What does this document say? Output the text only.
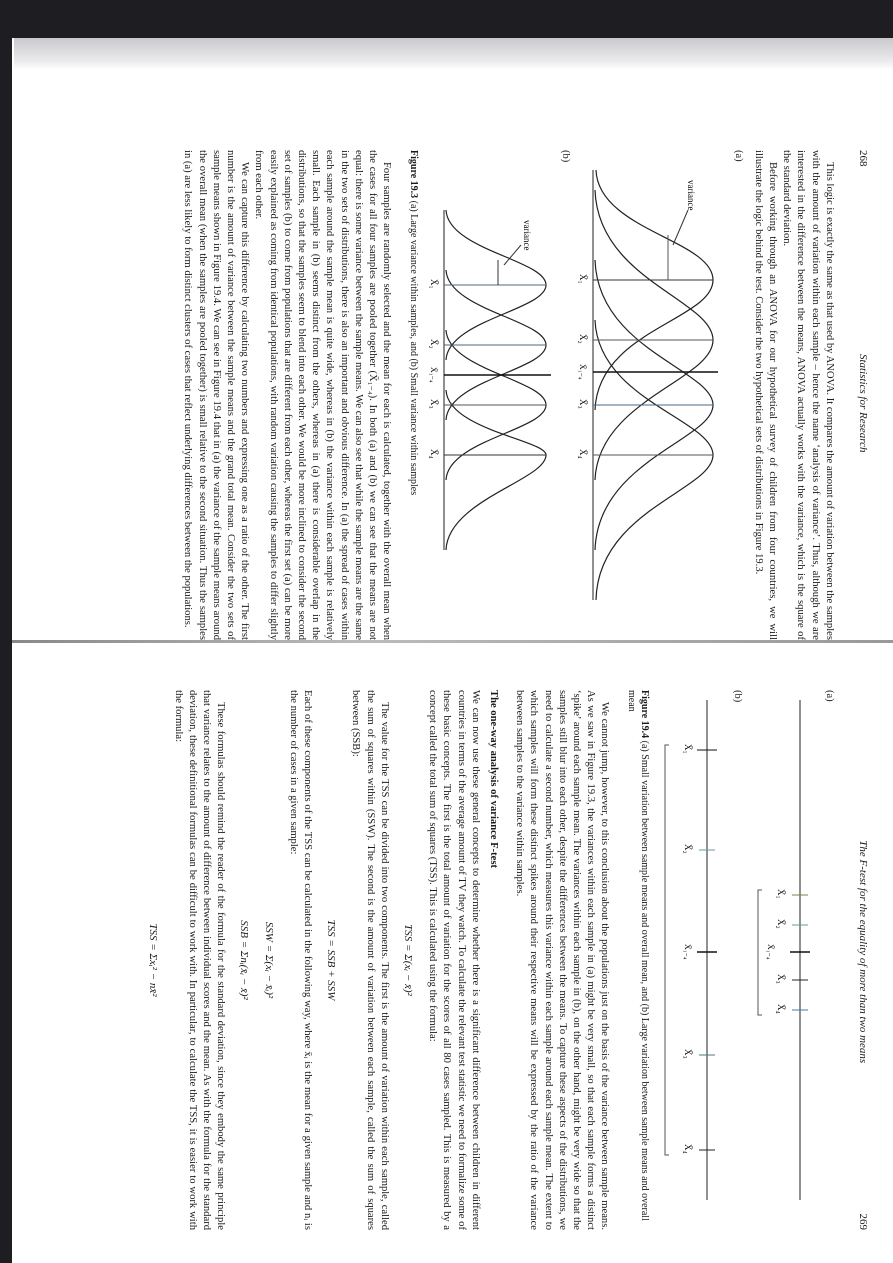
268
Statistics for Research

This logic is exactly the same as that used by ANOVA. It compares the amount of variation between the samples with the amount of variation within each sample – hence the name ‘analysis of variance’. Thus, although we are interested in the difference between the means, ANOVA actually works with the variance, which is the square of the standard deviation.

Before working through an ANOVA for our hypothetical survey of children from four countries, we will illustrate the logic behind the test. Consider the two hypothetical sets of distributions in Figure 19.3.

(a)
variance
X̄₁
X̄₂
X̄₁₋₄
X̄₃
X̄₄
(b)
variance
X̄₁
X̄₂
X̄₁₋₄
X̄₃
X̄₄
Figure 19.3 (a) Large variance within samples, and (b) Small variance within samples

Four samples are randomly selected and the mean for each is calculated, together with the overall mean when the cases for all four samples are pooled together (X̄₁₋₄). In both (a) and (b) we can see that the means are not equal: there is some variance between the sample means. We can also see that while the sample means are the same in the two sets of distributions, there is also an important and obvious difference. In (a) the spread of cases within each sample around the sample mean is quite wide, whereas in (b) the variance within each sample is relatively small. Each sample in (b) seems distinct from the others, whereas in (a) there is considerable overlap in the distributions, so that the samples seem to blend into each other. We would be more inclined to consider the second set of samples (b) to come from populations that are different from each other, whereas the first set (a) can be more easily explained as coming from identical populations, with random variation causing the samples to differ slightly from each other.

We can capture this difference by calculating two numbers and expressing one as a ratio of the other. The first number is the amount of variance between the sample means and the grand total mean. Consider the two sets of sample means shown in Figure 19.4. We can see in Figure 19.4 that in (a) the variance of the sample means around the overall mean (when the samples are pooled together) is small relative to the second situation. Thus the samples in (a) are less likely to form distinct clusters of cases that reflect underlying differences between the populations.

The F-test for the equality of more than two means
269
(a)
X̄₁
X̄₂
X̄₁₋₄
X̄₃
X̄₄
(b)
X̄₁
X̄₂
X̄₁₋₄
X̄₃
X̄₄
Figure 19.4 (a) Small variation between sample means and overall mean, and (b) Large variation between sample means and overall mean

We cannot jump, however, to this conclusion about the populations just on the basis of the variance between sample means. As we saw in Figure 19.3, the variances within each sample in (a) might be very small, so that each sample forms a distinct ‘spike’ around each sample mean. The variances within each sample in (b), on the other hand, might be very wide so that the samples still blur into each other, despite the differences between the means. To capture these aspects of the distributions, we need to calculate a second number, which measures this variance within each sample around each sample mean. The extent to which samples will form these distinct spikes around their respective means will be expressed by the ratio of the variance between samples to the variance within samples.

The one-way analysis of variance F-test

We can now use these general concepts to determine whether there is a significant difference between children in different countries in terms of the average amount of TV they watch. To calculate the relevant test statistic we need to formalize some of these basic concepts. The first is the total amount of variation for the scores of all 80 cases sampled. This is measured by a concept called the total sum of squares (TSS). This is calculated using the formula:

TSS = Σ(xᵢ − x̄)²

The value for the TSS can be divided into two components. The first is the amount of variation within each sample, called the sum of squares within (SSW). The second is the amount of variation between each sample, called the sum of squares between (SSB):

TSS = SSB + SSW

Each of these components of the TSS can be calculated in the following way, where x̄ᵢ is the mean for a given sample and nᵢ is the number of cases in a given sample:

SSW = Σ(xᵢ − x̄ᵢ)²
SSB = Σnᵢ(x̄ᵢ − x̄)²

These formulas should remind the reader of the formula for the standard deviation, since they embody the same principle that variance relates to the amount of difference between individual scores and the mean. As with the formula for the standard deviation, these definitional formulas can be difficult to work with. In particular, to calculate the TSS, it is easier to work with the formula:

TSS = Σxᵢ² − nx̄²
